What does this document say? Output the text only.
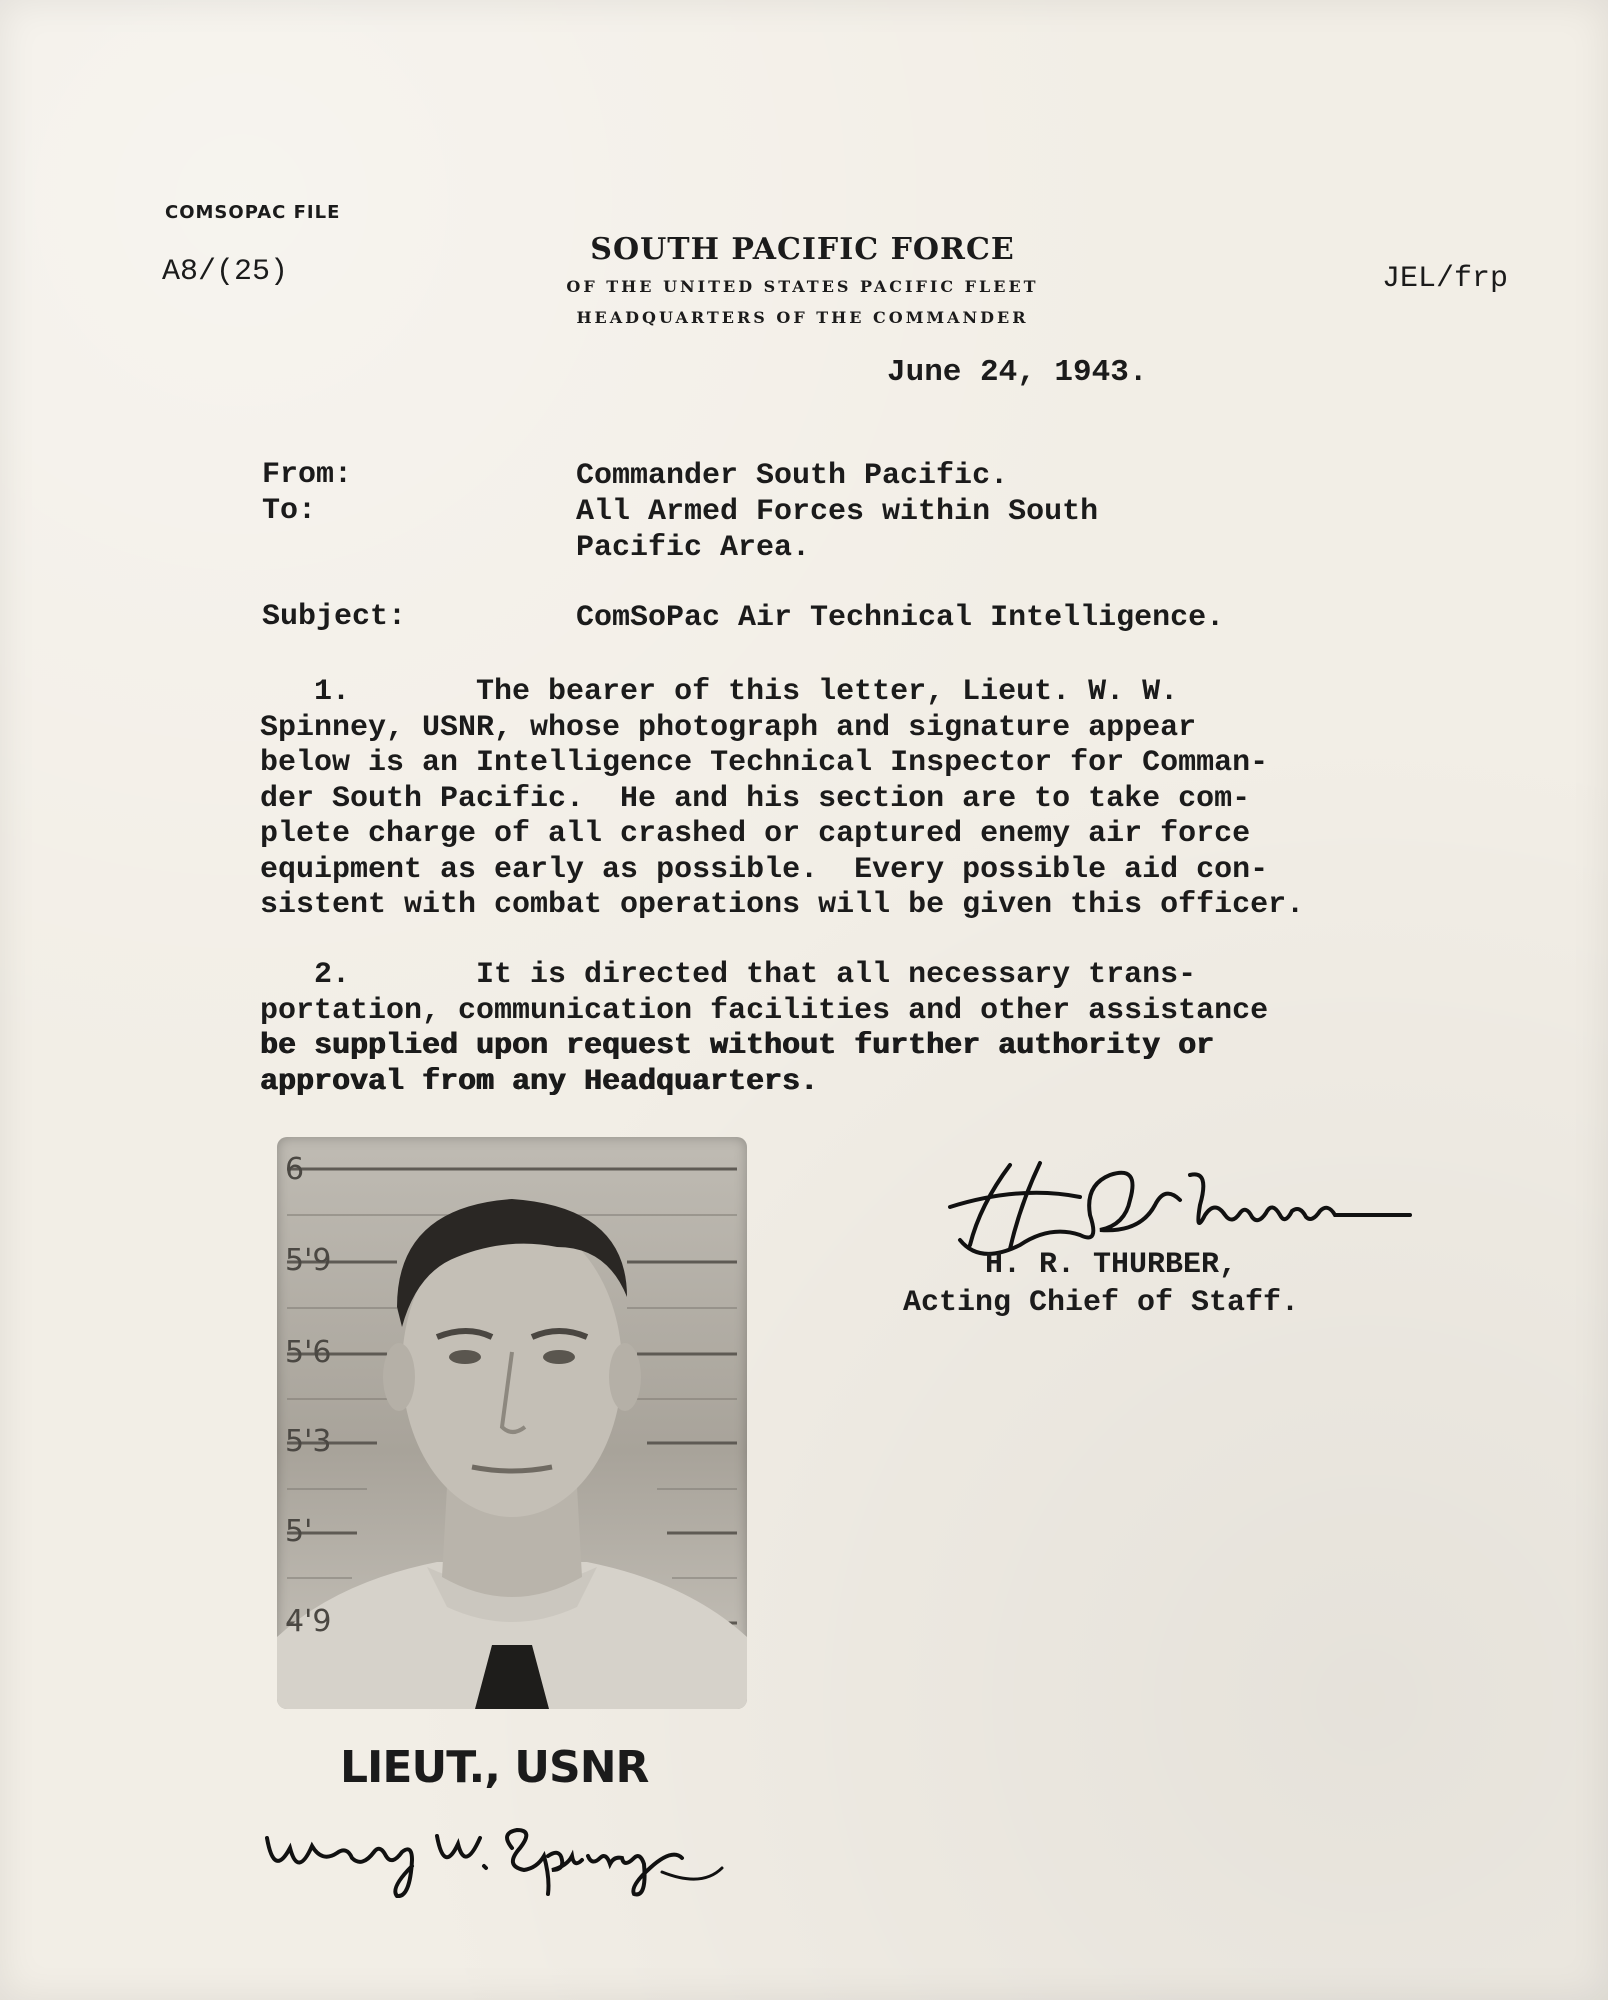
COMSOPAC FILE
A8/(25)	JEL/frp
SOUTH PACIFIC FORCE
OF THE UNITED STATES PACIFIC FLEET
HEADQUARTERS OF THE COMMANDER
June 24, 1943.
From:	Commander South Pacific.
To:	All Armed Forces within South
Pacific Area.
Subject:	ComSoPac Air Technical Intelligence.
1.       The bearer of this letter, Lieut. W. W.
Spinney, USNR, whose photograph and signature appear
below is an Intelligence Technical Inspector for Comman-
der South Pacific.  He and his section are to take com-
plete charge of all crashed or captured enemy air force
equipment as early as possible.  Every possible aid con-
sistent with combat operations will be given this officer.
2.       It is directed that all necessary trans-
portation, communication facilities and other assistance
be supplied upon request without further authority or
approval from any Headquarters.
6
5'9
5'6
5'3
5'
4'9
LIEUT., USNR
H. R. THURBER,
Acting Chief of Staff.
